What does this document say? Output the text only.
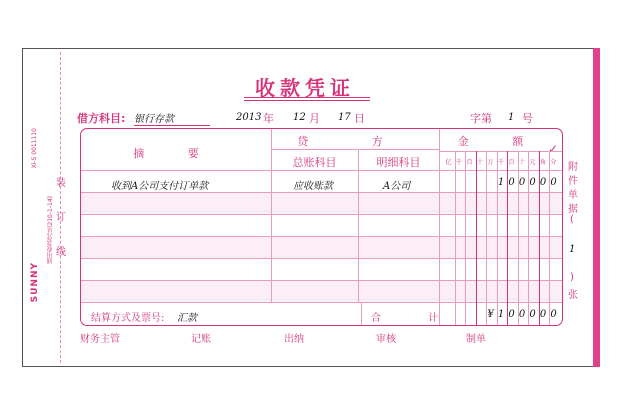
SUNNY
通用收款凭证(210-1-14)
Xi-S 0011110
装
订
线
收款凭证
借方科目: 银行存款	2013 年 12 月 17 日	字第 1 号
✓
摘 要
贷 方
总账科目	明细科目
金 额
亿 千 百 十 万 千 百 十 元 角 分
收到A公司支付订单款	应收账款	A公司	1 0 0 0 0 0
结算方式及票号: 汇款	合 计	¥ 1 0 0 0 0 0
附
件
单
据
(
1
)
张
财务主管	记账	出纳	审核	制单
